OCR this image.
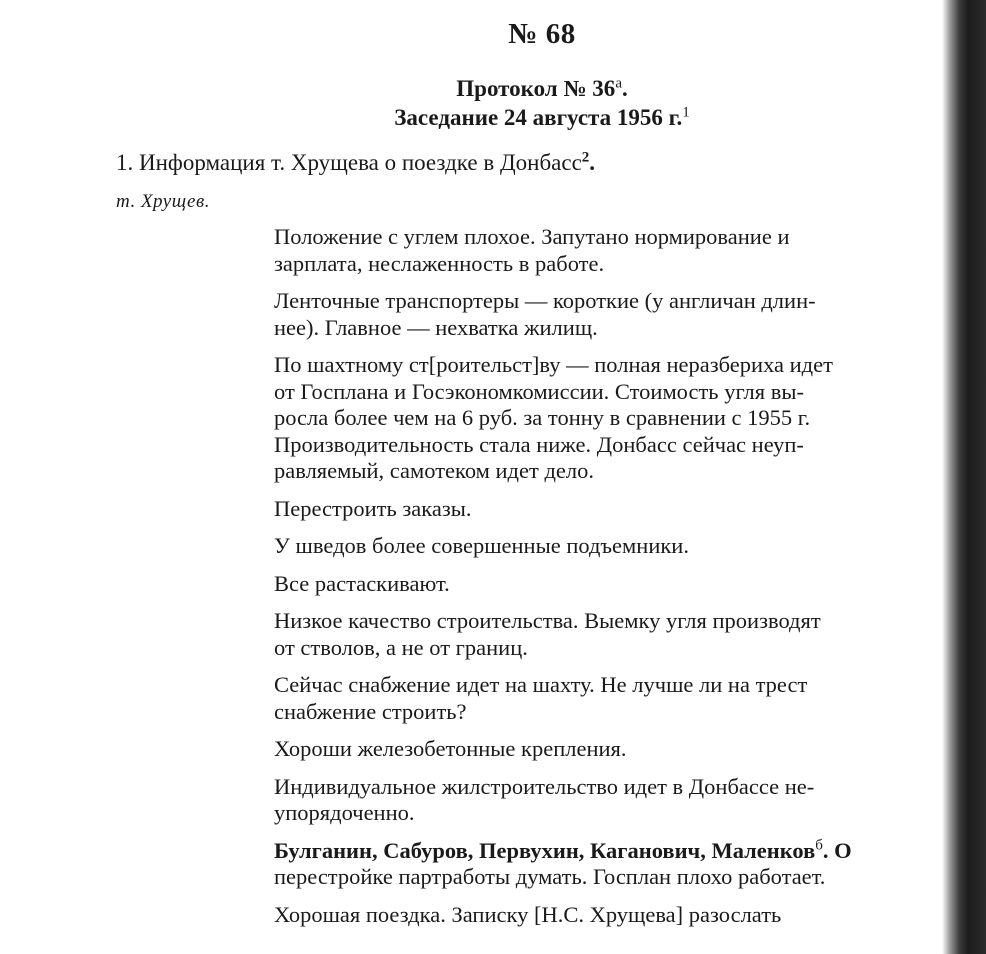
№ 68
Протокол № $36^а$.
Заседание 24 августа 1956 г.$^1$
1. Информация т. Хрущева о поездке в Донбасс$^2$.
т. Хрущев.

Положение с углем плохое. Запутано нормирование и
зарплата, неслаженность в работе.

Ленточные транспортеры — короткие (у англичан длин-
нее). Главное — нехватка жилищ.

По шахтному ст[роительст]ву — полная неразбериха идет
от Госплана и Госэкономкомиссии. Стоимость угля вы-
росла более чем на 6 руб. за тонну в сравнении с 1955 г.
Производительность стала ниже. Донбасс сейчас неуп-
равляемый, самотеком идет дело.

Перестроить заказы.

У шведов более совершенные подъемники.

Все растаскивают.

Низкое качество строительства. Выемку угля производят
от стволов, а не от границ.

Сейчас снабжение идет на шахту. Не лучше ли на трест
снабжение строить?

Хороши железобетонные крепления.

Индивидуальное жилстроительство идет в Донбассе не-
упорядоченно.

Булганин, Сабуров, Первухин, Каганович, Маленков$^б$. О
перестройке партработы думать. Госплан плохо работает.

Хорошая поездка. Записку [Н.С. Хрущева] разослать
